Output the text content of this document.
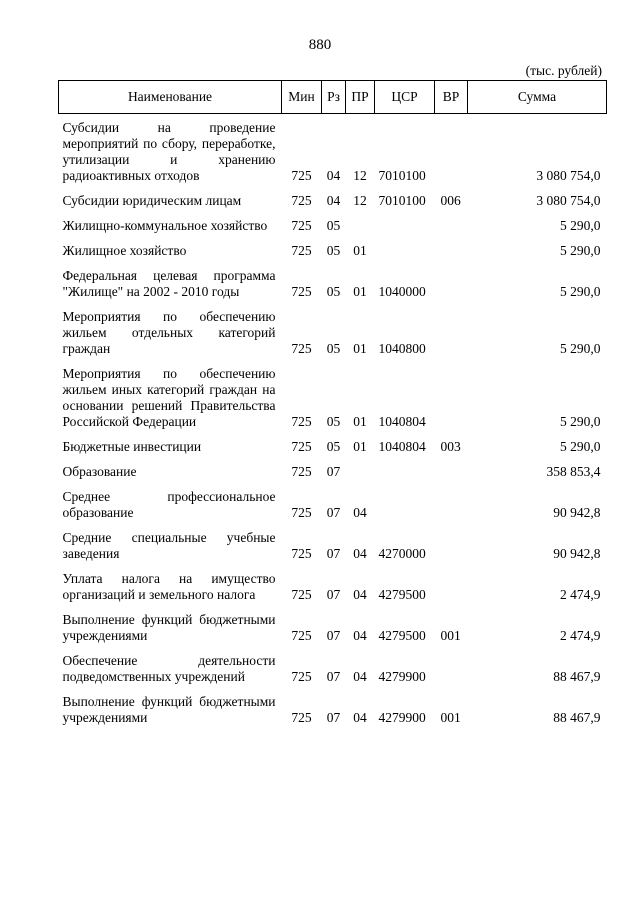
880
(тыс. рублей)
Наименование	Мин	Рз	ПР	ЦСР	ВР	Сумма
Субсидии на проведение мероприятий по сбору, переработке, утилизации и хранению радиоактивных отходов	725	04	12	7010100		3 080 754,0
Субсидии юридическим лицам	725	04	12	7010100	006	3 080 754,0
Жилищно-коммунальное хозяйство	725	05				5 290,0
Жилищное хозяйство	725	05	01			5 290,0
Федеральная целевая программа "Жилище" на 2002 - 2010 годы	725	05	01	1040000		5 290,0
Мероприятия по обеспечению жильем отдельных категорий граждан	725	05	01	1040800		5 290,0
Мероприятия по обеспечению жильем иных категорий граждан на основании решений Правительства Российской Федерации	725	05	01	1040804		5 290,0
Бюджетные инвестиции	725	05	01	1040804	003	5 290,0
Образование	725	07				358 853,4
Среднее профессиональное образование	725	07	04			90 942,8
Средние специальные учебные заведения	725	07	04	4270000		90 942,8
Уплата налога на имущество организаций и земельного налога	725	07	04	4279500		2 474,9
Выполнение функций бюджетными учреждениями	725	07	04	4279500	001	2 474,9
Обеспечение деятельности подведомственных учреждений	725	07	04	4279900		88 467,9
Выполнение функций бюджетными учреждениями	725	07	04	4279900	001	88 467,9
